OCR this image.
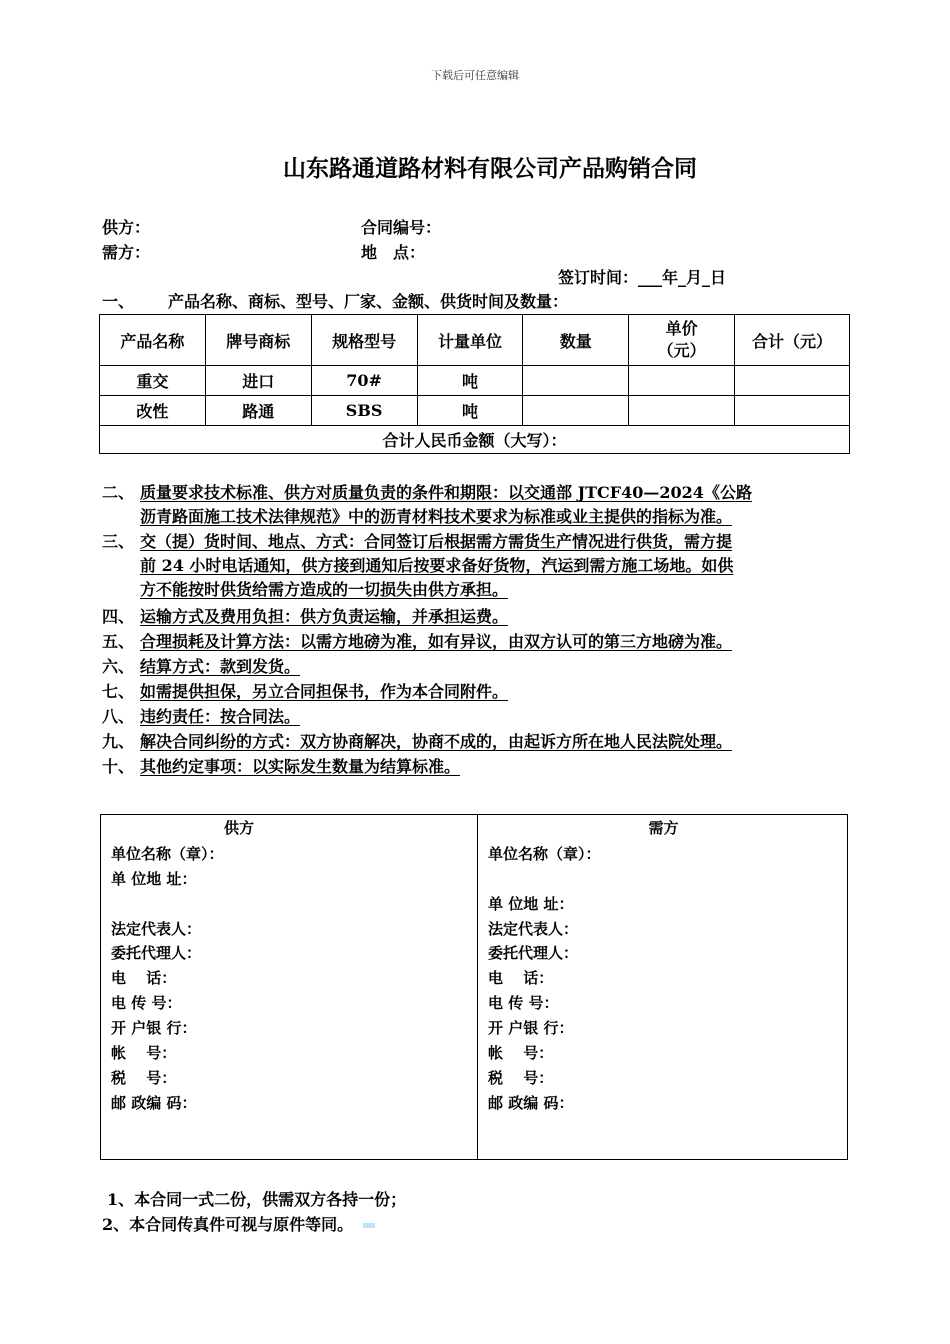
下载后可任意编辑
山东路通道路材料有限公司产品购销合同
供方：	合同编号：
需方：	地　点：
签订时间：___年_月_日
一、 产品名称、商标、型号、厂家、金额、供货时间及数量：
产品名称	牌号商标	规格型号	计量单位	数量	单价（元）	合计（元）
重交	进口	70#	吨			
改性	路通	SBS	吨			
合计人民币金额（大写）：						
二、 质量要求技术标准、供方对质量负责的条件和期限：以交通部 JTCF40—2024《公路
沥青路面施工技术法律规范》中的沥青材料技术要求为标准或业主提供的指标为准。
三、 交（提）货时间、地点、方式：合同签订后根据需方需货生产情况进行供货，需方提
前 24 小时电话通知，供方接到通知后按要求备好货物，汽运到需方施工场地。如供
方不能按时供货给需方造成的一切损失由供方承担。
四、 运输方式及费用负担：供方负责运输，并承担运费。
五、 合理损耗及计算方法：以需方地磅为准，如有异议，由双方认可的第三方地磅为准。
六、 结算方式：款到发货。
七、 如需提供担保，另立合同担保书，作为本合同附件。
八、 违约责任：按合同法。
九、 解决合同纠纷的方式：双方协商解决，协商不成的，由起诉方所在地人民法院处理。
十、 其他约定事项：以实际发生数量为结算标准。
供方
单位名称（章）：
单 位地 址：
法定代表人：
委托代理人：
电　 话：
电 传 号：
开 户银 行：
帐　 号：
税　 号：
邮 政编 码：
需方
单位名称（章）：
单 位地 址：
法定代表人：
委托代理人：
电　 话：
电 传 号：
开 户银 行：
帐　 号：
税　 号：
邮 政编 码：
1、本合同一式二份，供需双方各持一份；
2、本合同传真件可视与原件等同。
